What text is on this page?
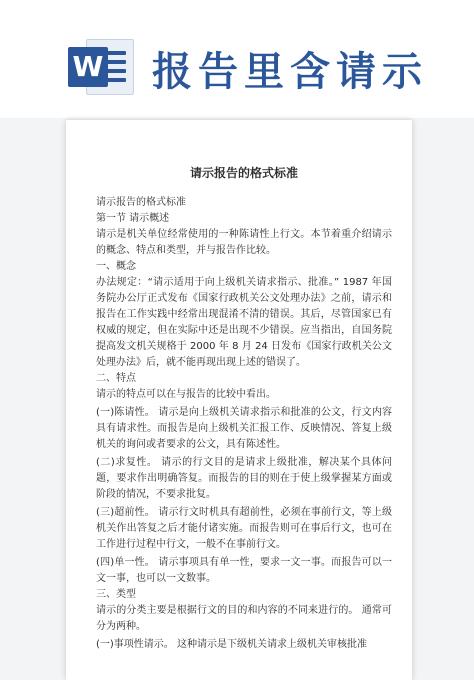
W 报告里含请示
请示报告的格式标准

请示报告的格式标准

第一节 请示概述

请示是机关单位经常使用的一种陈请性上行文。本节着重介绍请示的概念、特点和类型，并与报告作比较。

一、概念

办法规定：“请示适用于向上级机关请求指示、批准。” 1987 年国务院办公厅正式发布《国家行政机关公文处理办法》之前，请示和报告在工作实践中经常出现混淆不清的错误。其后，尽管国家已有权威的规定，但在实际中还是出现不少错误。应当指出，自国务院提高发文机关规格于 2000 年 8 月 24 日发布《国家行政机关公文处理办法》后，就不能再现出现上述的错误了。

二、特点

请示的特点可以在与报告的比较中看出。

(一)陈请性。 请示是向上级机关请求指示和批准的公文，行文内容具有请求性。而报告是向上级机关汇报工作、反映情况、答复上级机关的询问或者要求的公文，具有陈述性。

(二)求复性。 请示的行文目的是请求上级批准，解决某个具体问题，要求作出明确答复。而报告的目的则在于使上级掌握某方面或阶段的情况，不要求批复。

(三)超前性。 请示行文时机具有超前性，必须在事前行文，等上级机关作出答复之后才能付诸实施。而报告则可在事后行文，也可在工作进行过程中行文，一般不在事前行文。

(四)单一性。 请示事项具有单一性，要求一文一事。而报告可以一文一事，也可以一文数事。

三、类型

请示的分类主要是根据行文的目的和内容的不同来进行的。 通常可分为两种。

(一)事项性请示。 这种请示是下级机关请求上级机关审核批准
